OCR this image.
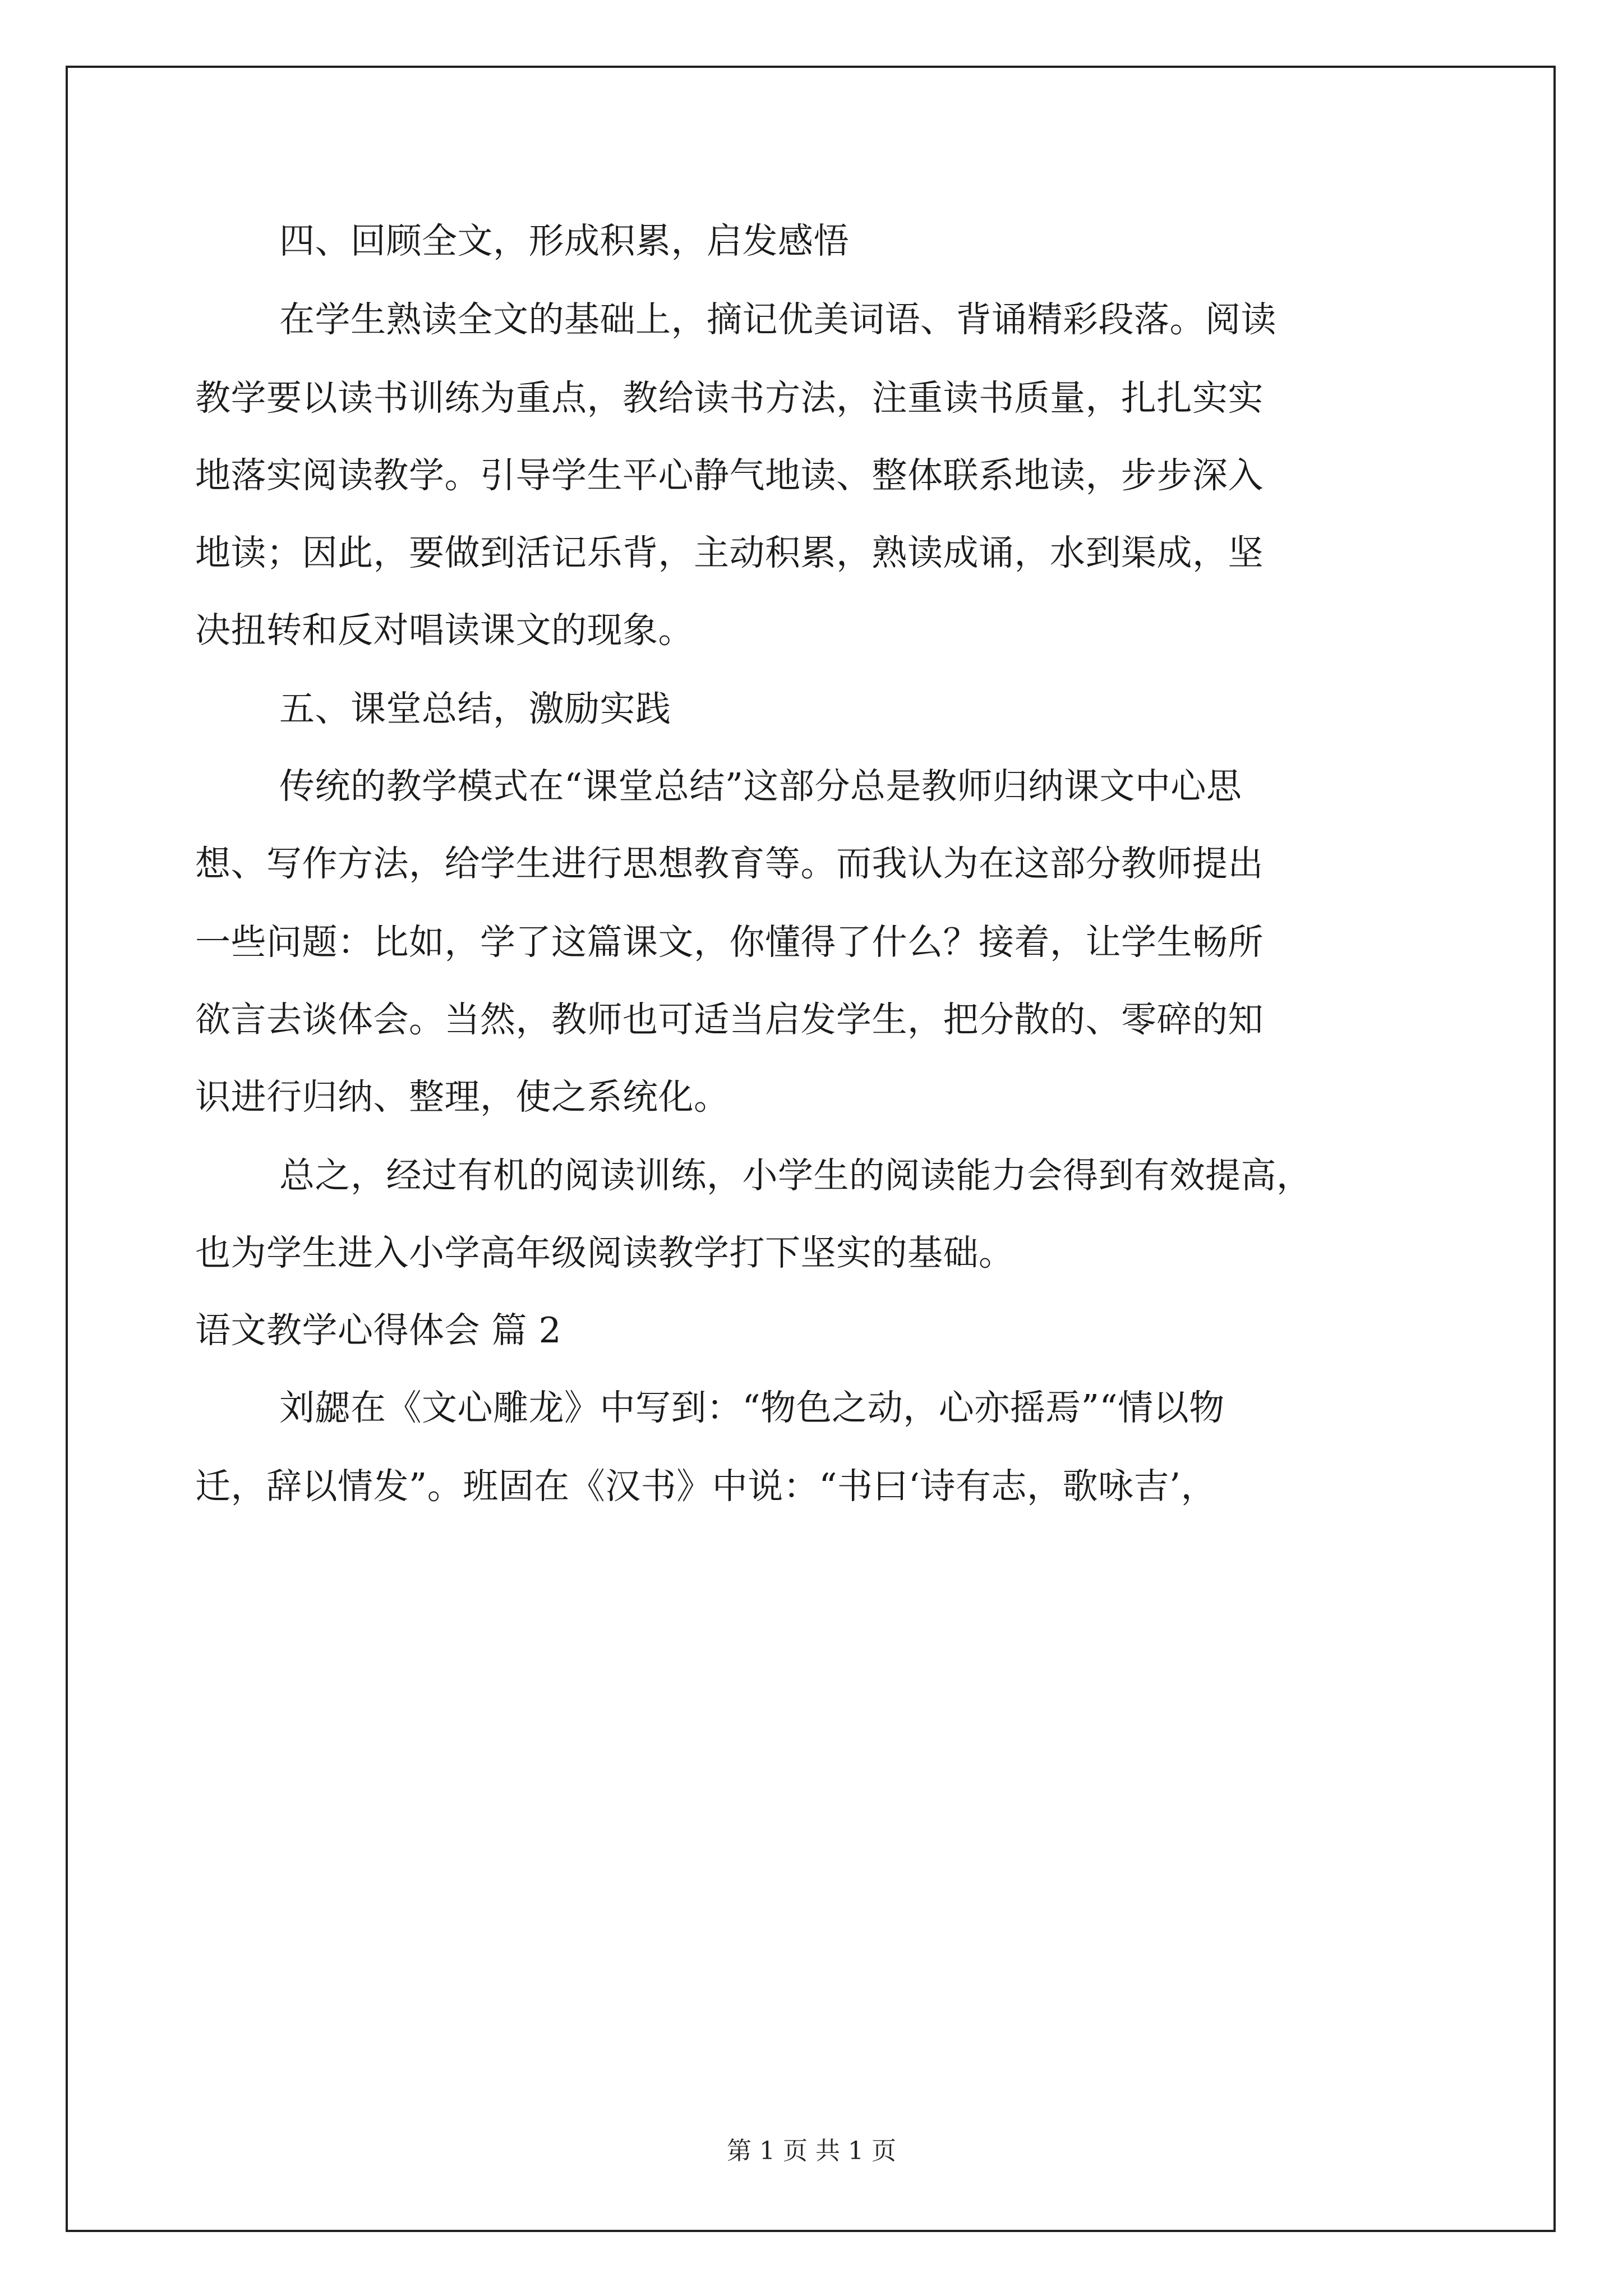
四、回顾全文，形成积累，启发感悟
在学生熟读全文的基础上，摘记优美词语、背诵精彩段落。阅读
教学要以读书训练为重点，教给读书方法，注重读书质量，扎扎实实
地落实阅读教学。引导学生平心静气地读、整体联系地读，步步深入
地读；因此，要做到活记乐背，主动积累，熟读成诵，水到渠成，坚
决扭转和反对唱读课文的现象。
五、课堂总结，激励实践
传统的教学模式在“课堂总结”这部分总是教师归纳课文中心思
想、写作方法，给学生进行思想教育等。而我认为在这部分教师提出
一些问题：比如，学了这篇课文，你懂得了什么？接着，让学生畅所
欲言去谈体会。当然，教师也可适当启发学生，把分散的、零碎的知
识进行归纳、整理，使之系统化。
总之，经过有机的阅读训练，小学生的阅读能力会得到有效提高，
也为学生进入小学高年级阅读教学打下坚实的基础。
语文教学心得体会 篇 2
刘勰在《文心雕龙》中写到：“物色之动，心亦摇焉”“情以物
迁，辞以情发”。班固在《汉书》中说：“书曰‘诗有志，歌咏吉’，
第 1 页 共 1 页
